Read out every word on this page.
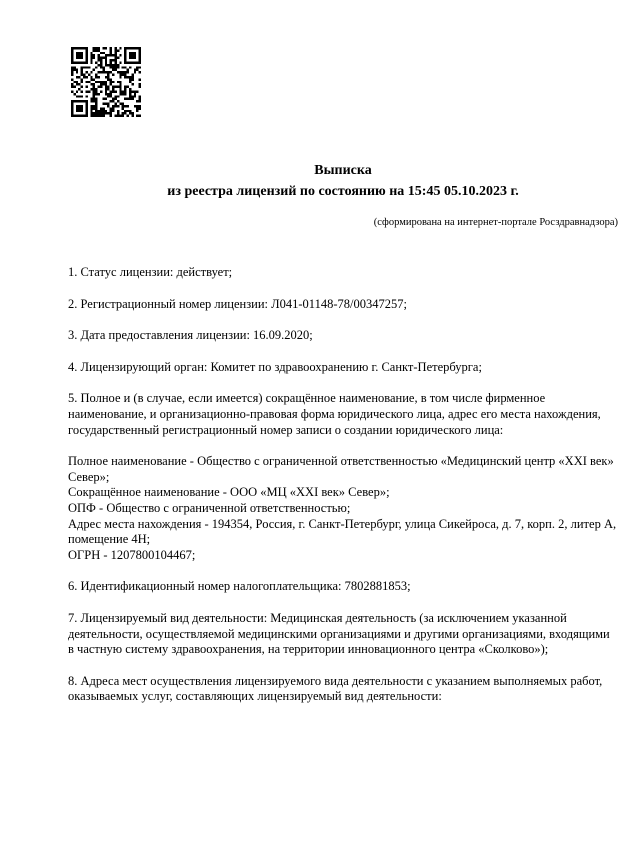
Выписка
из реестра лицензий по состоянию на 15:45 05.10.2023 г.
(сформирована на интернет-портале Росздравнадзора)

1. Статус лицензии: действует;

2. Регистрационный номер лицензии: Л041-01148-78/00347257;

3. Дата предоставления лицензии: 16.09.2020;

4. Лицензирующий орган: Комитет по здравоохранению г. Санкт-Петербурга;

5. Полное и (в случае, если имеется) сокращённое наименование, в том числе фирменное наименование, и организационно-правовая форма юридического лица, адрес его места нахождения, государственный регистрационный номер записи о создании юридического лица:

Полное наименование - Общество с ограниченной ответственностью «Медицинский центр «XXI век» Север»;
Сокращённое наименование - ООО «МЦ «XXI век» Север»;
ОПФ - Общество с ограниченной ответственностью;
Адрес места нахождения - 194354, Россия, г. Санкт-Петербург, улица Сикейроса, д. 7, корп. 2, литер А, помещение 4Н;
ОГРН - 1207800104467;

6. Идентификационный номер налогоплательщика: 7802881853;

7. Лицензируемый вид деятельности: Медицинская деятельность (за исключением указанной деятельности, осуществляемой медицинскими организациями и другими организациями, входящими в частную систему здравоохранения, на территории инновационного центра «Сколково»);

8. Адреса мест осуществления лицензируемого вида деятельности с указанием выполняемых работ, оказываемых услуг, составляющих лицензируемый вид деятельности:
